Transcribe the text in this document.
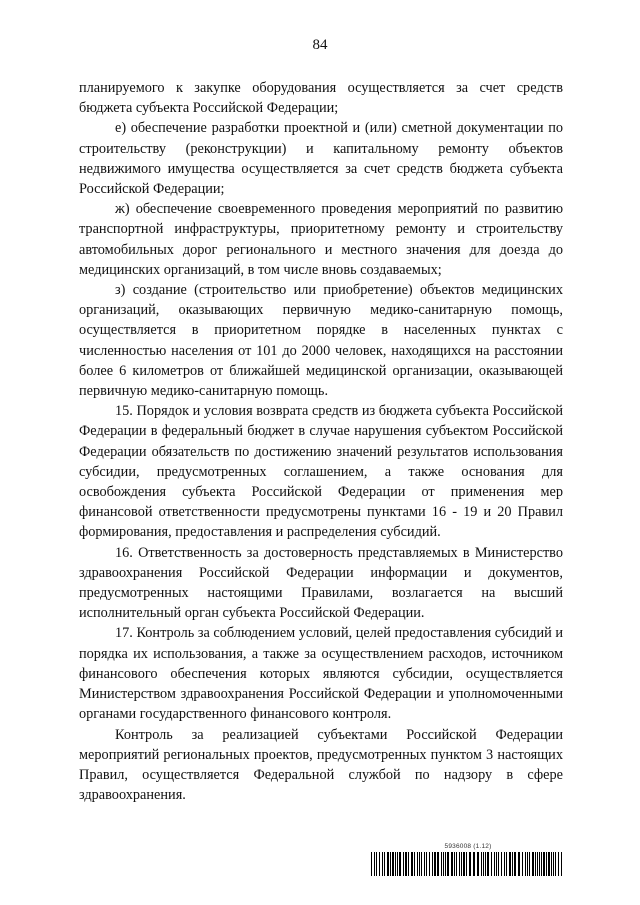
84

планируемого к закупке оборудования осуществляется за счет средств бюджета субъекта Российской Федерации;

е) обеспечение разработки проектной и (или) сметной документации по строительству (реконструкции) и капитальному ремонту объектов недвижимого имущества осуществляется за счет средств бюджета субъекта Российской Федерации;

ж) обеспечение своевременного проведения мероприятий по развитию транспортной инфраструктуры, приоритетному ремонту и строительству автомобильных дорог регионального и местного значения для доезда до медицинских организаций, в том числе вновь создаваемых;

з) создание (строительство или приобретение) объектов медицинских организаций, оказывающих первичную медико-санитарную помощь, осуществляется в приоритетном порядке в населенных пунктах с численностью населения от 101 до 2000 человек, находящихся на расстоянии более 6 километров от ближайшей медицинской организации, оказывающей первичную медико-санитарную помощь.

15. Порядок и условия возврата средств из бюджета субъекта Российской Федерации в федеральный бюджет в случае нарушения субъектом Российской Федерации обязательств по достижению значений результатов использования субсидии, предусмотренных соглашением, а также основания для освобождения субъекта Российской Федерации от применения мер финансовой ответственности предусмотрены пунктами 16 - 19 и 20 Правил формирования, предоставления и распределения субсидий.

16. Ответственность за достоверность представляемых в Министерство здравоохранения Российской Федерации информации и документов, предусмотренных настоящими Правилами, возлагается на высший исполнительный орган субъекта Российской Федерации.

17. Контроль за соблюдением условий, целей предоставления субсидий и порядка их использования, а также за осуществлением расходов, источником финансового обеспечения которых являются субсидии, осуществляется Министерством здравоохранения Российской Федерации и уполномоченными органами государственного финансового контроля.

Контроль за реализацией субъектами Российской Федерации мероприятий региональных проектов, предусмотренных пунктом 3 настоящих Правил, осуществляется Федеральной службой по надзору в сфере здравоохранения.

5936008 (1.12)
